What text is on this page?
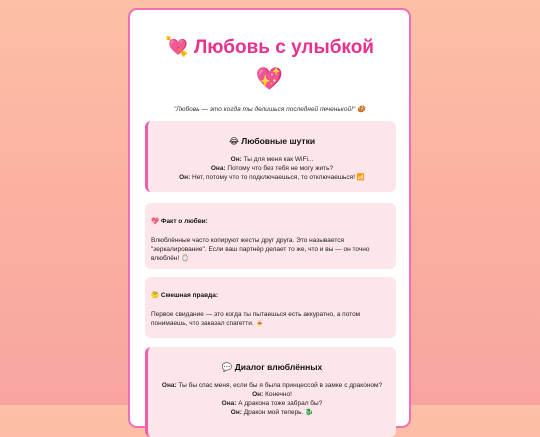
💘 Любовь с улыбкой
💖
"Любовь — это когда ты делишься последней печенькой!" 🍪
😂 Любовные шутки
Он: Ты для меня как WiFi...
Она: Потому что без тебя не могу жить?
Он: Нет, потому что то подключаешься, то отключаешься! 📶
💖 Факт о любви:
Влюблённые часто копируют жесты друг друга. Это называется "зеркалирование". Если ваш партнёр делает то же, что и вы — он точно влюблён! 🪞
🤔 Смешная правда:
Первое свидание — это когда ты пытаешься есть аккуратно, а потом понимаешь, что заказал спагетти. 🍝
💬 Диалог влюблённых
Она: Ты бы спас меня, если бы я была принцессой в замке с драконом?
Он: Конечно!
Она: А дракона тоже забрал бы?
Он: Дракон мой теперь. 🐉
